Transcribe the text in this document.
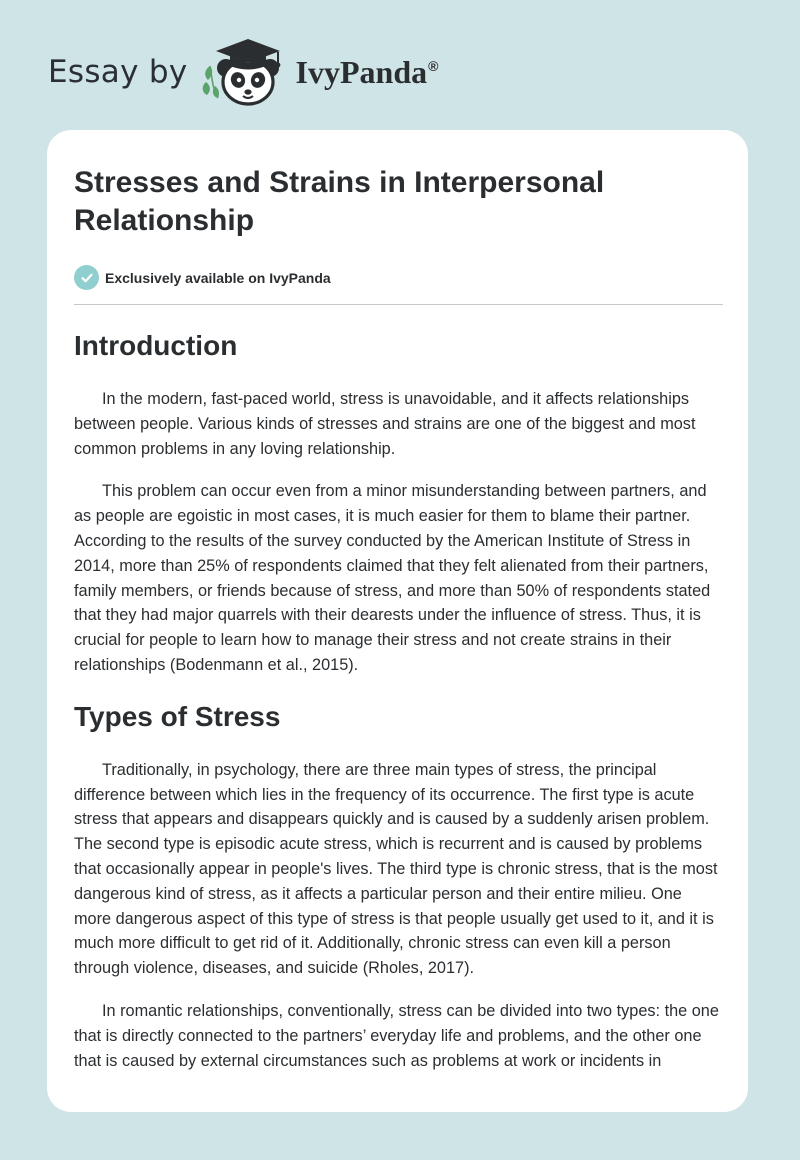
Essay by	IvyPanda®
Stresses and Strains in Interpersonal Relationship
Exclusively available on IvyPanda
Introduction

In the modern, fast-paced world, stress is unavoidable, and it affects relationships between people. Various kinds of stresses and strains are one of the biggest and most common problems in any loving relationship.

This problem can occur even from a minor misunderstanding between partners, and as people are egoistic in most cases, it is much easier for them to blame their partner. According to the results of the survey conducted by the American Institute of Stress in 2014, more than 25% of respondents claimed that they felt alienated from their partners, family members, or friends because of stress, and more than 50% of respondents stated that they had major quarrels with their dearests under the influence of stress. Thus, it is crucial for people to learn how to manage their stress and not create strains in their relationships (Bodenmann et al., 2015).

Types of Stress

Traditionally, in psychology, there are three main types of stress, the principal difference between which lies in the frequency of its occurrence. The first type is acute stress that appears and disappears quickly and is caused by a suddenly arisen problem. The second type is episodic acute stress, which is recurrent and is caused by problems that occasionally appear in people's lives. The third type is chronic stress, that is the most dangerous kind of stress, as it affects a particular person and their entire milieu. One more dangerous aspect of this type of stress is that people usually get used to it, and it is much more difficult to get rid of it. Additionally, chronic stress can even kill a person through violence, diseases, and suicide (Rholes, 2017).

In romantic relationships, conventionally, stress can be divided into two types: the one that is directly connected to the partners’ everyday life and problems, and the other one that is caused by external circumstances such as problems at work or incidents in
